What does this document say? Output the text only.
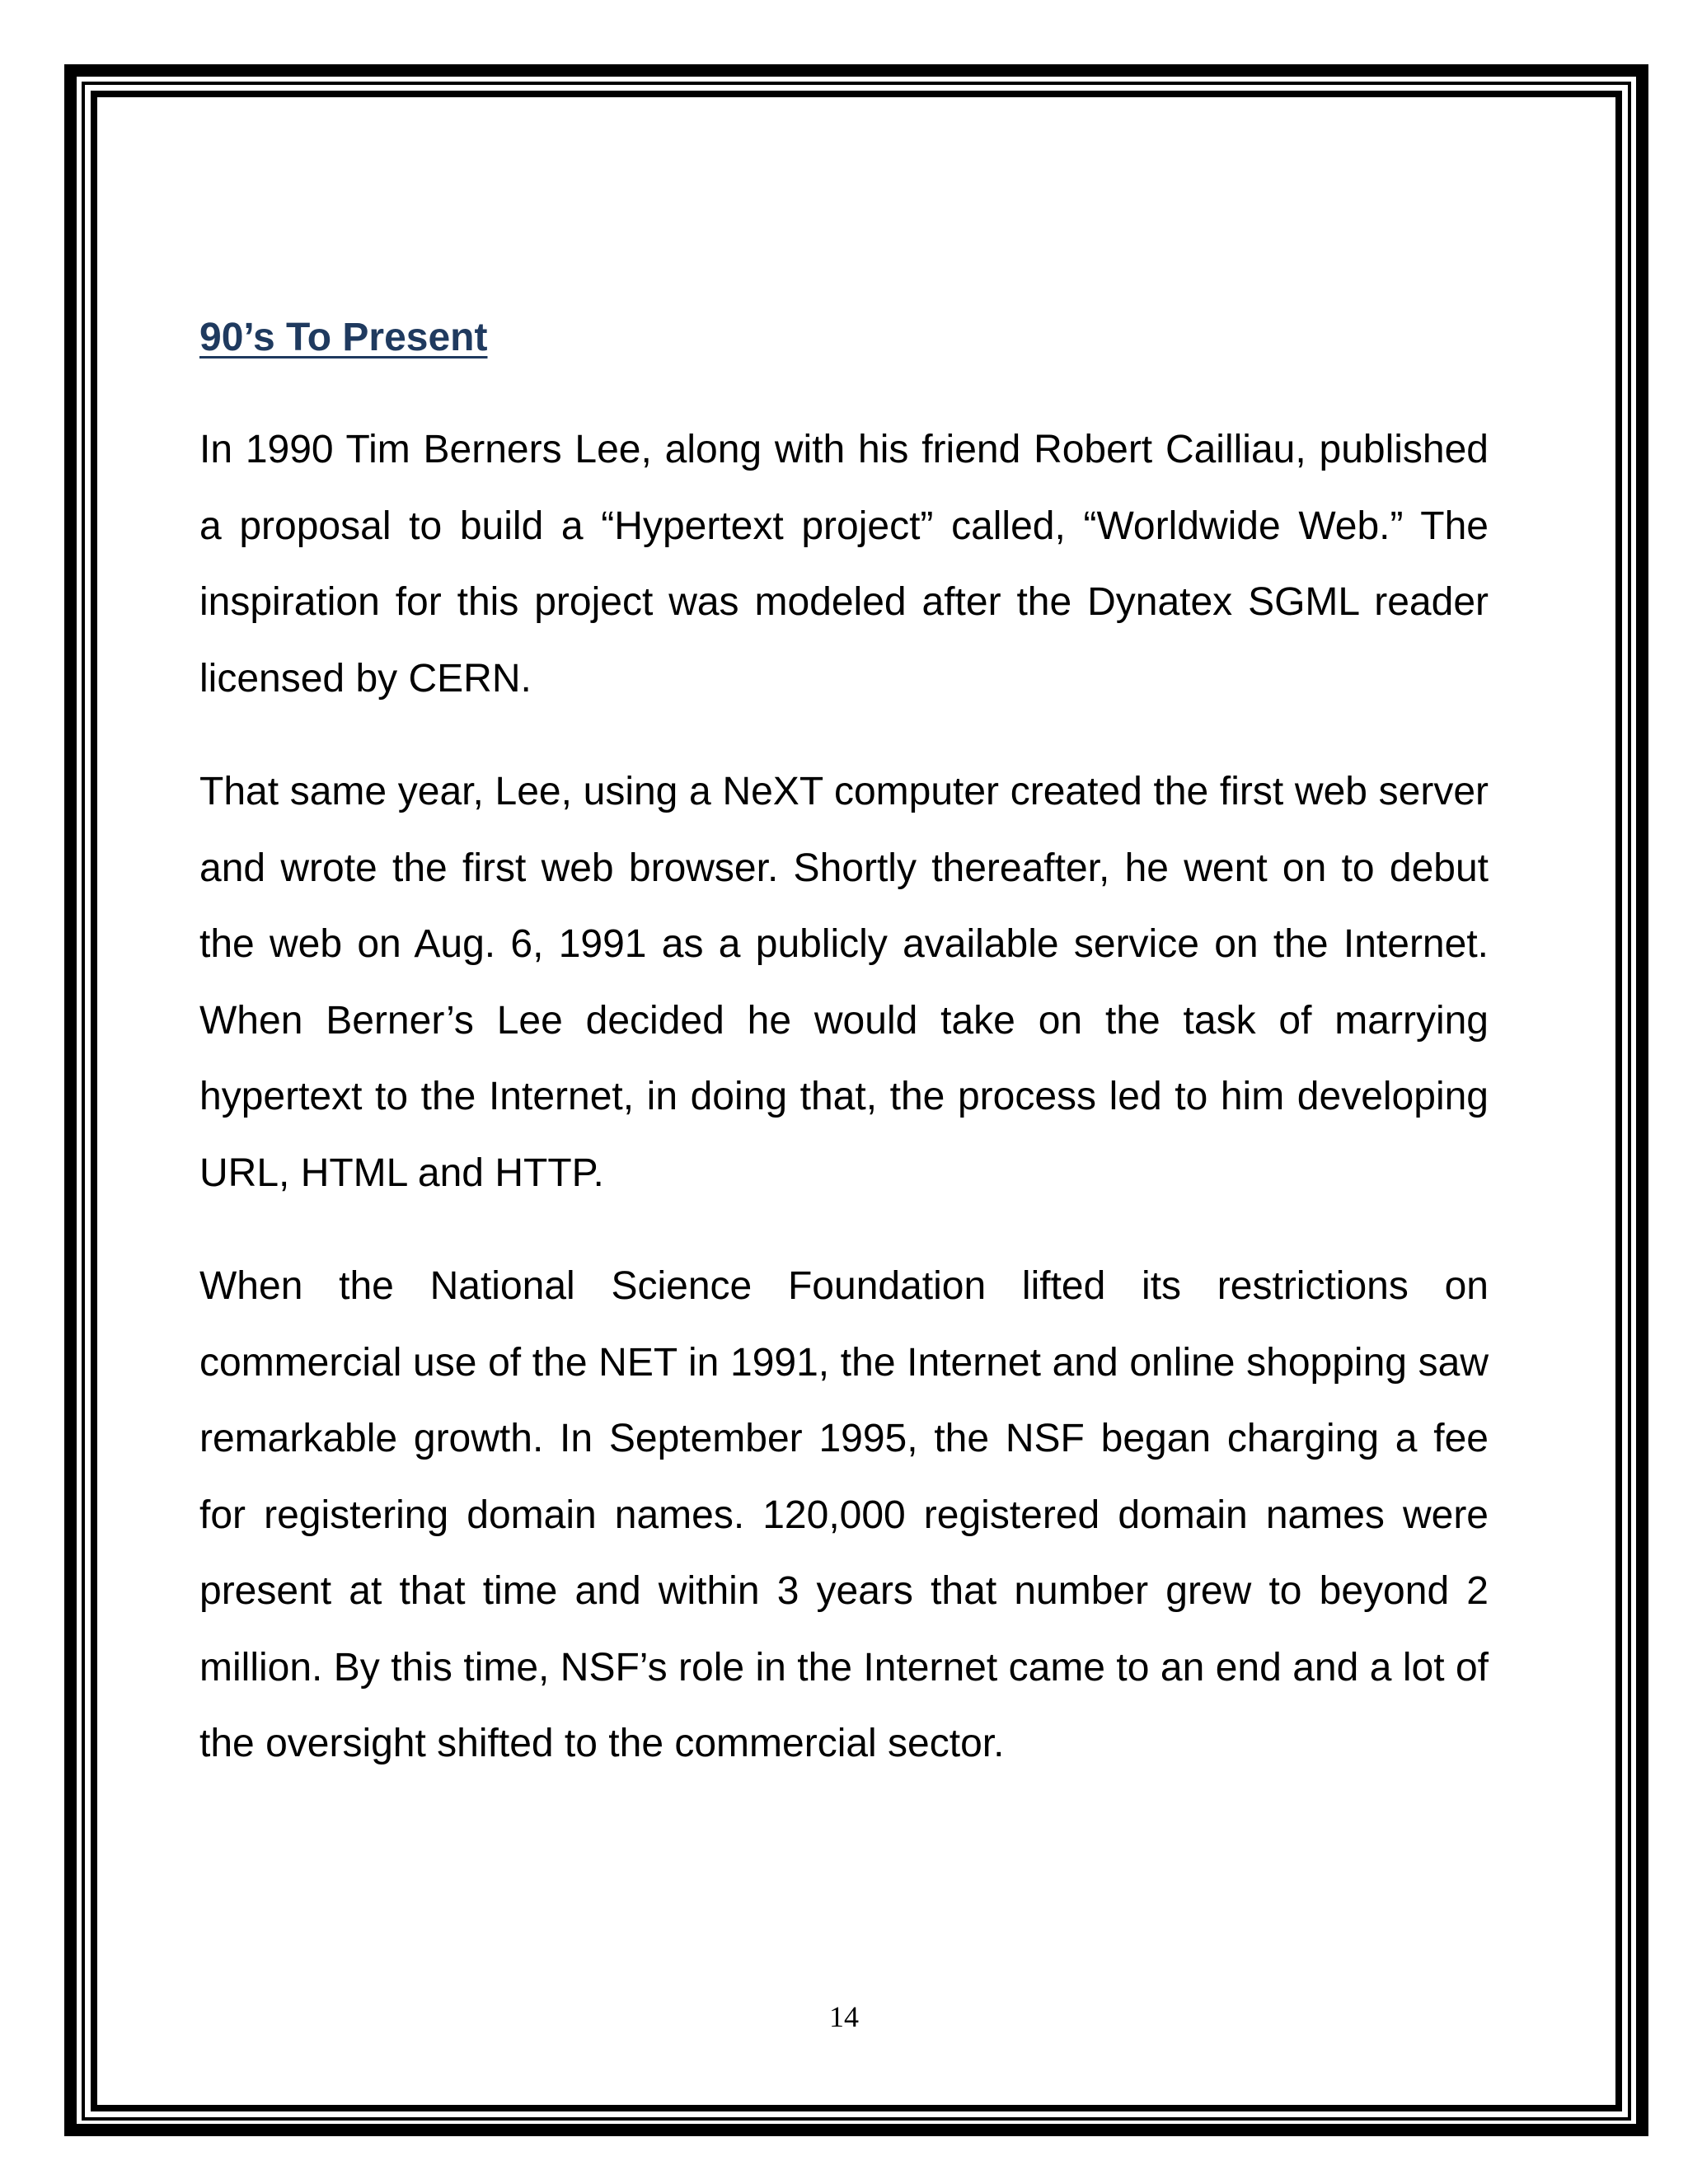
90’s To Present

In 1990 Tim Berners Lee, along with his friend Robert Cailliau, published a proposal to build a “Hypertext project” called, “Worldwide Web.” The inspiration for this project was modeled after the Dynatex SGML reader licensed by CERN.

That same year, Lee, using a NeXT computer created the first web server and wrote the first web browser. Shortly thereafter, he went on to debut the web on Aug. 6, 1991 as a publicly available service on the Internet. When Berner’s Lee decided he would take on the task of marrying hypertext to the Internet, in doing that, the process led to him developing URL, HTML and HTTP.

When the National Science Foundation lifted its restrictions on commercial use of the NET in 1991, the Internet and online shopping saw remarkable growth. In September 1995, the NSF began charging a fee for registering domain names. 120,000 registered domain names were present at that time and within 3 years that number grew to beyond 2 million. By this time, NSF’s role in the Internet came to an end and a lot of the oversight shifted to the commercial sector.

14
